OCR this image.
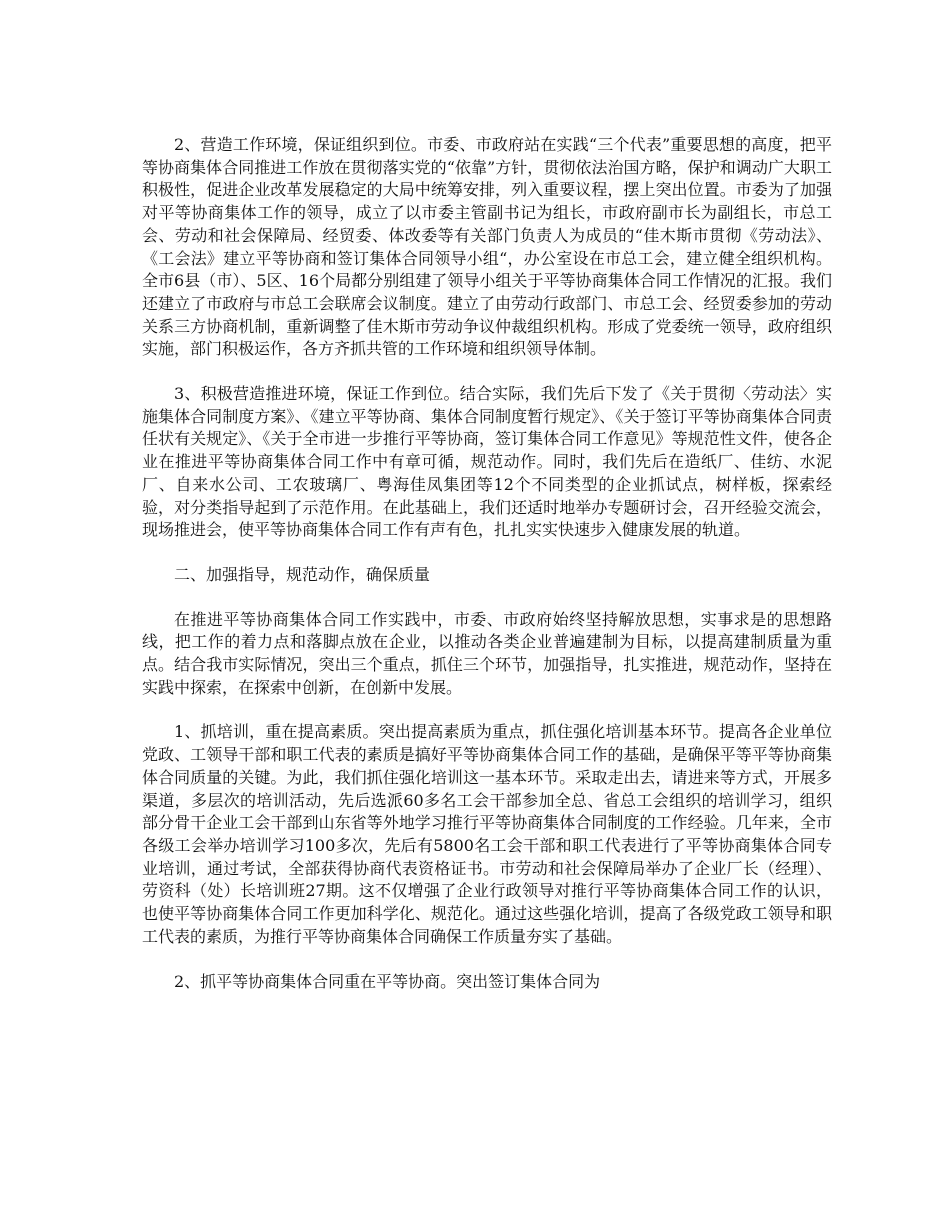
2、营造工作环境，保证组织到位。市委、市政府站在实践“三个代表”重要思想的高度，把平等协商集体合同推进工作放在贯彻落实党的“依靠”方针，贯彻依法治国方略，保护和调动广大职工积极性，促进企业改革发展稳定的大局中统筹安排，列入重要议程，摆上突出位置。市委为了加强对平等协商集体工作的领导，成立了以市委主管副书记为组长，市政府副市长为副组长，市总工会、劳动和社会保障局、经贸委、体改委等有关部门负责人为成员的“佳木斯市贯彻《劳动法》、《工会法》建立平等协商和签订集体合同领导小组“，办公室设在市总工会，建立健全组织机构。全市6县（市）、5区、16个局都分别组建了领导小组关于平等协商集体合同工作情况的汇报。我们还建立了市政府与市总工会联席会议制度。建立了由劳动行政部门、市总工会、经贸委参加的劳动关系三方协商机制，重新调整了佳木斯市劳动争议仲裁组织机构。形成了党委统一领导，政府组织实施，部门积极运作，各方齐抓共管的工作环境和组织领导体制。

3、积极营造推进环境，保证工作到位。结合实际，我们先后下发了《关于贯彻〈劳动法〉实施集体合同制度方案》、《建立平等协商、集体合同制度暂行规定》、《关于签订平等协商集体合同责任状有关规定》、《关于全市进一步推行平等协商，签订集体合同工作意见》等规范性文件，使各企业在推进平等协商集体合同工作中有章可循，规范动作。同时，我们先后在造纸厂、佳纺、水泥厂、自来水公司、工农玻璃厂、粤海佳凤集团等12个不同类型的企业抓试点，树样板，探索经验，对分类指导起到了示范作用。在此基础上，我们还适时地举办专题研讨会，召开经验交流会，现场推进会，使平等协商集体合同工作有声有色，扎扎实实快速步入健康发展的轨道。

二、加强指导，规范动作，确保质量

在推进平等协商集体合同工作实践中，市委、市政府始终坚持解放思想，实事求是的思想路线，把工作的着力点和落脚点放在企业，以推动各类企业普遍建制为目标，以提高建制质量为重点。结合我市实际情况，突出三个重点，抓住三个环节，加强指导，扎实推进，规范动作，坚持在实践中探索，在探索中创新，在创新中发展。

1、抓培训，重在提高素质。突出提高素质为重点，抓住强化培训基本环节。提高各企业单位党政、工领导干部和职工代表的素质是搞好平等协商集体合同工作的基础，是确保平等平等协商集体合同质量的关键。为此，我们抓住强化培训这一基本环节。采取走出去，请进来等方式，开展多渠道，多层次的培训活动，先后选派60多名工会干部参加全总、省总工会组织的培训学习，组织部分骨干企业工会干部到山东省等外地学习推行平等协商集体合同制度的工作经验。几年来，全市各级工会举办培训学习100多次，先后有5800名工会干部和职工代表进行了平等协商集体合同专业培训，通过考试，全部获得协商代表资格证书。市劳动和社会保障局举办了企业厂长（经理）、劳资科（处）长培训班27期。这不仅增强了企业行政领导对推行平等协商集体合同工作的认识，也使平等协商集体合同工作更加科学化、规范化。通过这些强化培训，提高了各级党政工领导和职工代表的素质，为推行平等协商集体合同确保工作质量夯实了基础。

2、抓平等协商集体合同重在平等协商。突出签订集体合同为
